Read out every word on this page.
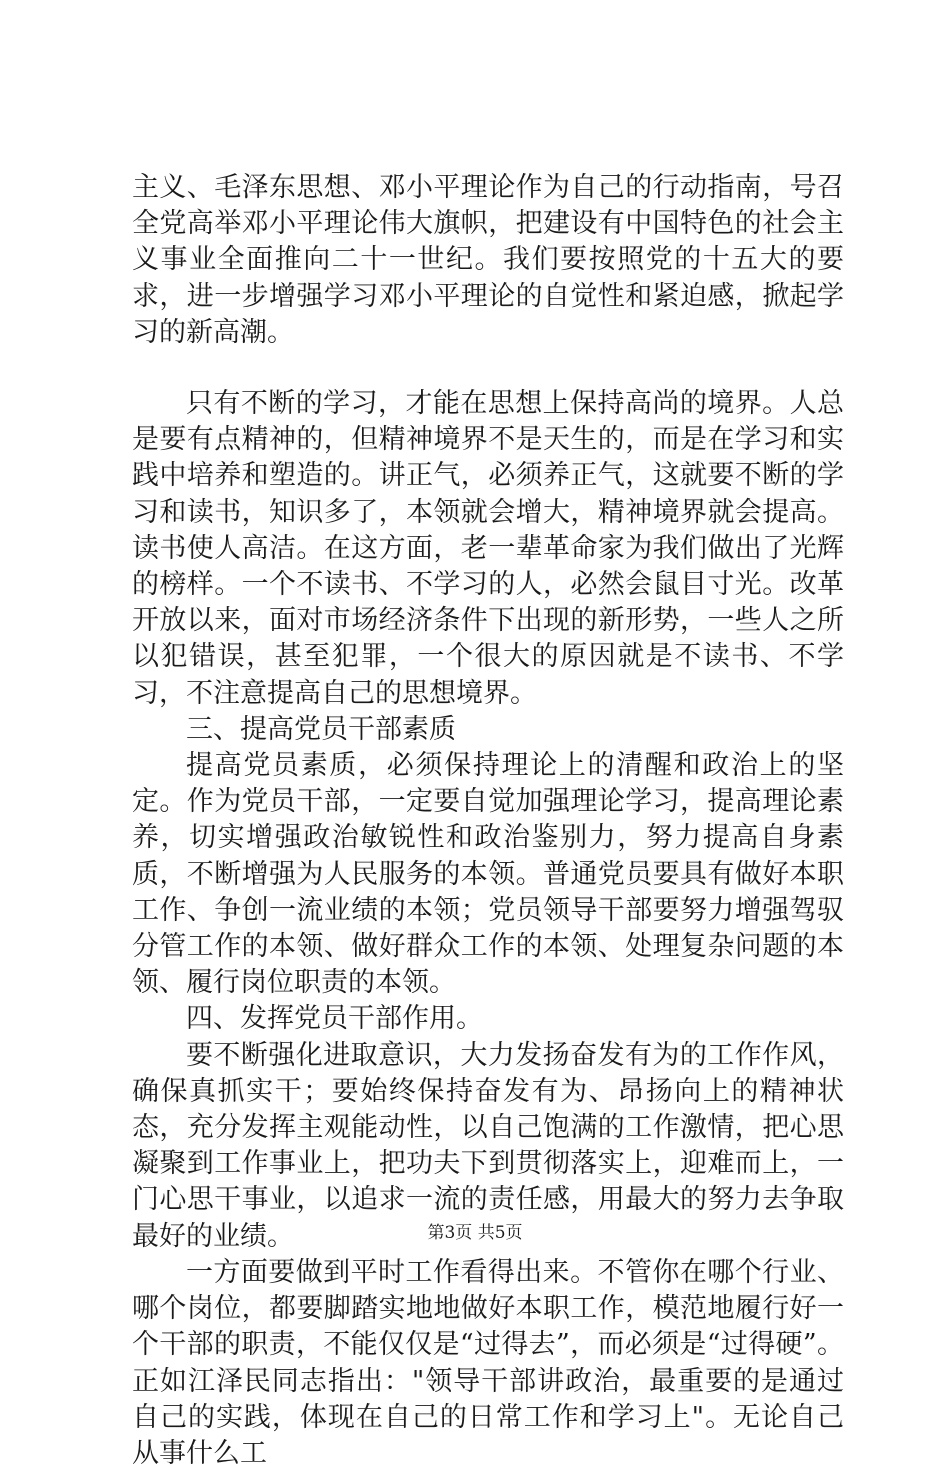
主义、毛泽东思想、邓小平理论作为自己的行动指南，号召全党高举邓小平理论伟大旗帜，把建设有中国特色的社会主义事业全面推向二十一世纪。我们要按照党的十五大的要求，进一步增强学习邓小平理论的自觉性和紧迫感，掀起学习的新高潮。

只有不断的学习，才能在思想上保持高尚的境界。人总是要有点精神的，但精神境界不是天生的，而是在学习和实践中培养和塑造的。讲正气，必须养正气，这就要不断的学习和读书，知识多了，本领就会增大，精神境界就会提高。读书使人高洁。在这方面，老一辈革命家为我们做出了光辉的榜样。一个不读书、不学习的人，必然会鼠目寸光。改革开放以来，面对市场经济条件下出现的新形势，一些人之所以犯错误，甚至犯罪，一个很大的原因就是不读书、不学习，不注意提高自己的思想境界。

三、提高党员干部素质

提高党员素质，必须保持理论上的清醒和政治上的坚定。作为党员干部，一定要自觉加强理论学习，提高理论素养，切实增强政治敏锐性和政治鉴别力，努力提高自身素质，不断增强为人民服务的本领。普通党员要具有做好本职工作、争创一流业绩的本领；党员领导干部要努力增强驾驭分管工作的本领、做好群众工作的本领、处理复杂问题的本领、履行岗位职责的本领。

四、发挥党员干部作用。

要不断强化进取意识，大力发扬奋发有为的工作作风，确保真抓实干；要始终保持奋发有为、昂扬向上的精神状态，充分发挥主观能动性，以自己饱满的工作激情，把心思凝聚到工作事业上，把功夫下到贯彻落实上，迎难而上，一门心思干事业，以追求一流的责任感，用最大的努力去争取最好的业绩。

一方面要做到平时工作看得出来。不管你在哪个行业、哪个岗位，都要脚踏实地地做好本职工作，模范地履行好一个干部的职责，不能仅仅是“过得去”，而必须是“过得硬”。正如江泽民同志指出："领导干部讲政治，最重要的是通过自己的实践，体现在自己的日常工作和学习上"。无论自己从事什么工

第3页 共5页
